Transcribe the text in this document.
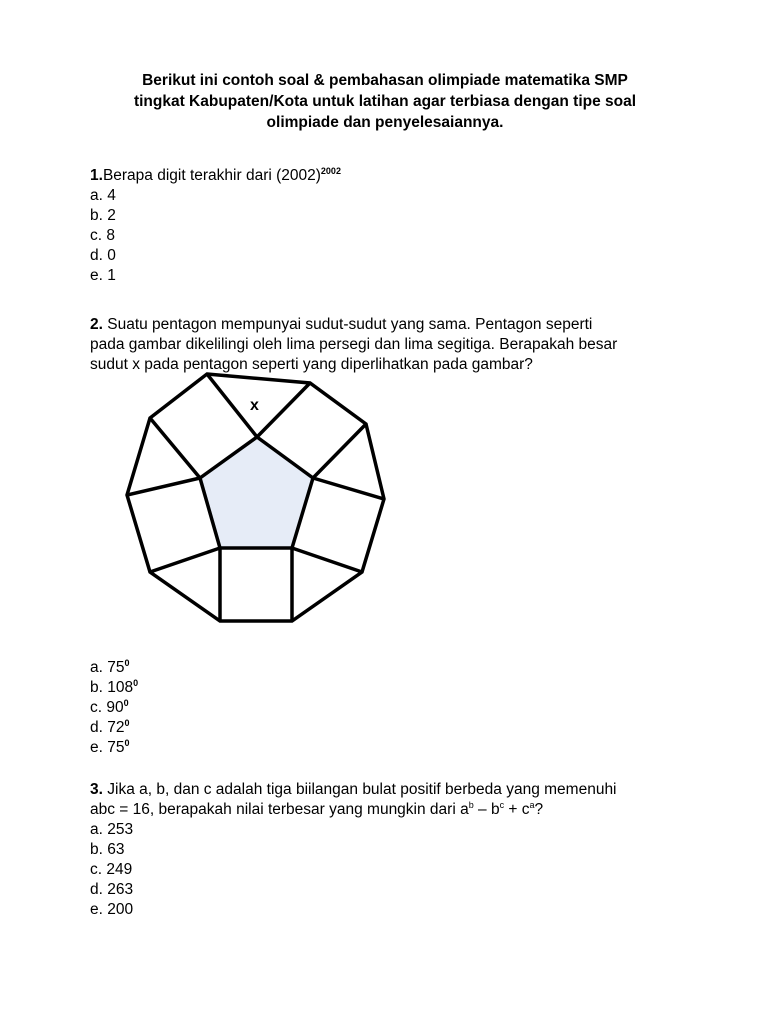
Berikut ini contoh soal & pembahasan olimpiade matematika SMP
tingkat Kabupaten/Kota untuk latihan agar terbiasa dengan tipe soal
olimpiade dan penyelesaiannya.
1.Berapa digit terakhir dari $(2002)^{2002}$
a. 4
b. 2
c. 8
d. 0
e. 1
2. Suatu pentagon mempunyai sudut-sudut yang sama. Pentagon seperti
pada gambar dikelilingi oleh lima persegi dan lima segitiga. Berapakah besar
sudut x pada pentagon seperti yang diperlihatkan pada gambar?
x
a. $75^0$
b. $108^0$
c. $90^0$
d. $72^0$
e. $75^0$
3. Jika a, b, dan c adalah tiga biilangan bulat positif berbeda yang memenuhi
abc = 16, berapakah nilai terbesar yang mungkin dari $a^b - b^c + c^a$?
a. 253
b. 63
c. 249
d. 263
e. 200
